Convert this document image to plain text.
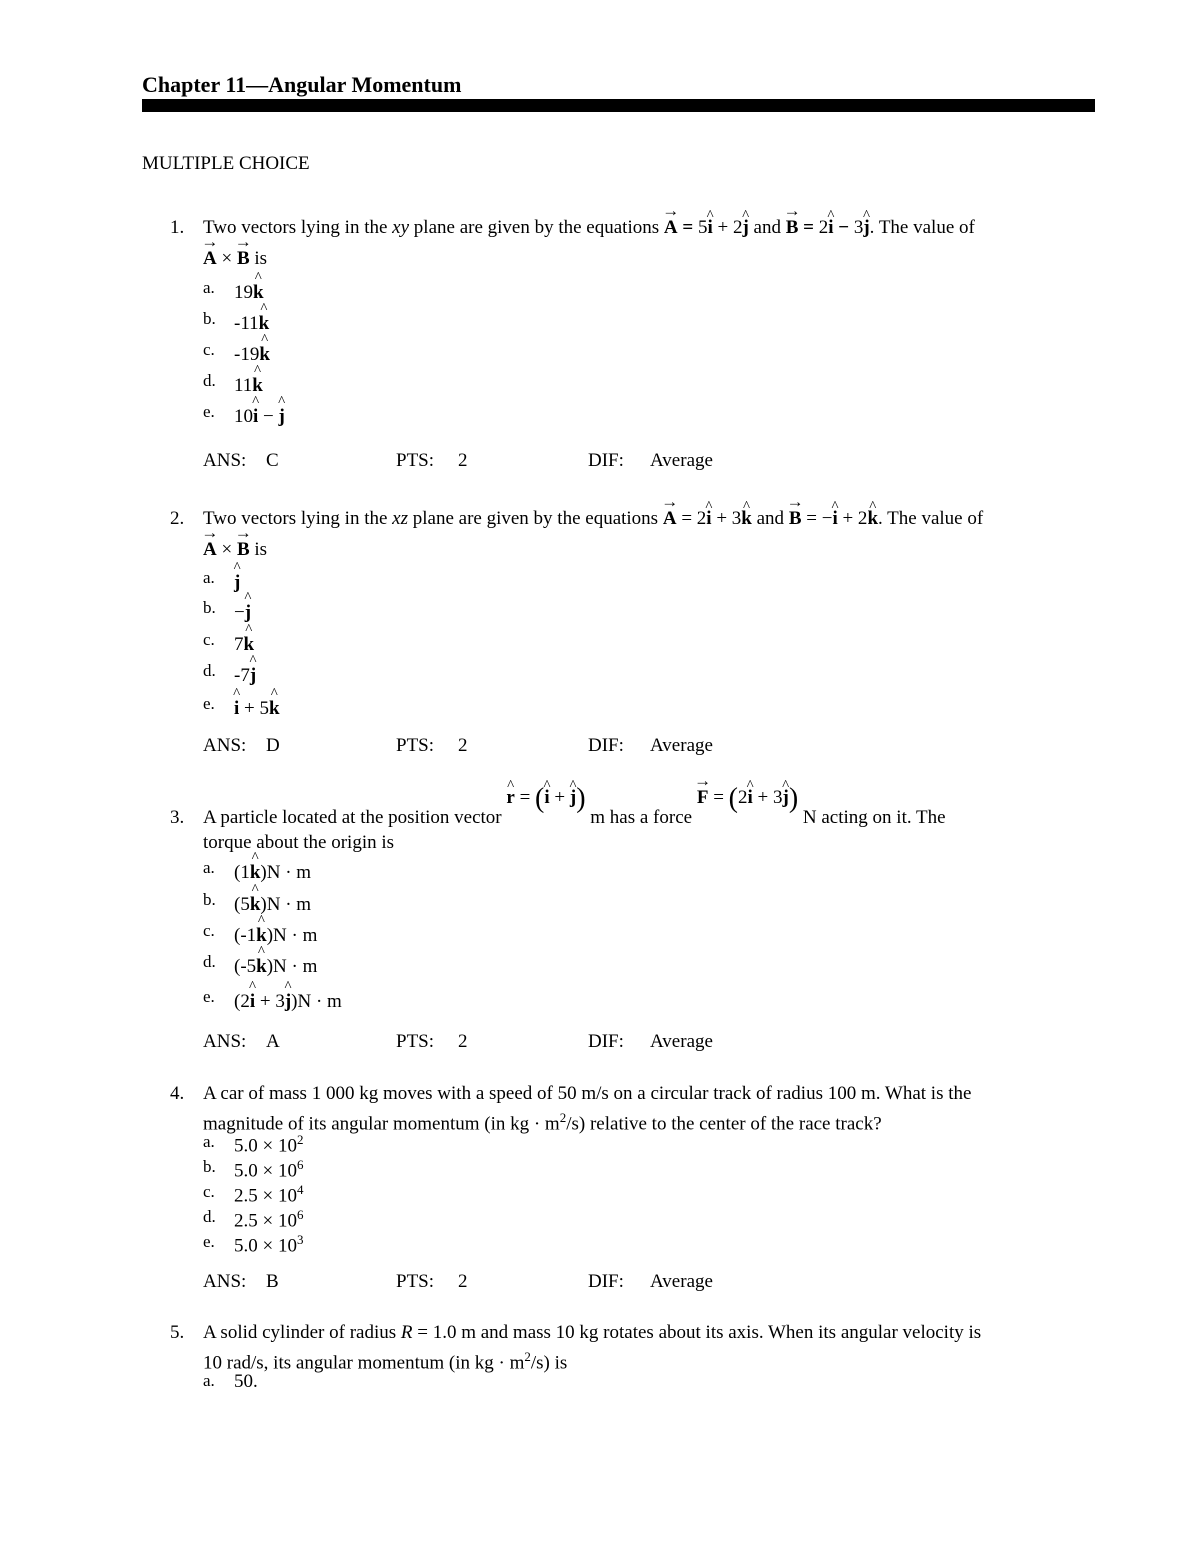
Chapter 11—Angular Momentum
MULTIPLE CHOICE
1. Two vectors lying in the xy plane are given by the equations A → = 5i ^ + 2j ^ and B → = 2i ^ − 3j ^. The value of
A → × B → is
a.	19k ^
b. -11k ^
c.	-19k ^
d. 11k ^
e.	10i ^ − j ^
ANS: C	PTS: 2	DIF: Average
2. Two vectors lying in the xz plane are given by the equations A → = 2i ^ + 3k ^ and B → = −i ^ + 2k ^. The value of
A → × B → is
a.	j ^
b. −j ^
c.	7k ^
d. -7j ^
e.	i ^ + 5k ^
ANS: D	PTS: 2	DIF: Average
3. A particle located at the position vector r ^ = (i ^ + j ^) m has a force F → = (2i ^ + 3j ^) N acting on it. The
torque about the origin is
a.	(1k ^)N · m
b. (5k ^)N · m
c.	(-1k ^)N · m
d. (-5k ^)N · m
e.	(2i ^ + 3j ^)N · m
ANS: A	PTS: 2	DIF: Average
4. A car of mass 1 000 kg moves with a speed of 50 m/s on a circular track of radius 100 m. What is the
magnitude of its angular momentum (in kg · $m^2/s$) relative to the center of the race track?
a.	$5.0 \times 10^2$
b. $5.0 \times 10^6$
c.	$2.5 \times 10^4$
d. $2.5 \times 10^6$
e.	$5.0 \times 10^3$
ANS: B	PTS: 2	DIF: Average
5. A solid cylinder of radius R = 1.0 m and mass 10 kg rotates about its axis. When its angular velocity is
10 rad/s, its angular momentum (in kg · $m^2/s$) is
a.	50.
